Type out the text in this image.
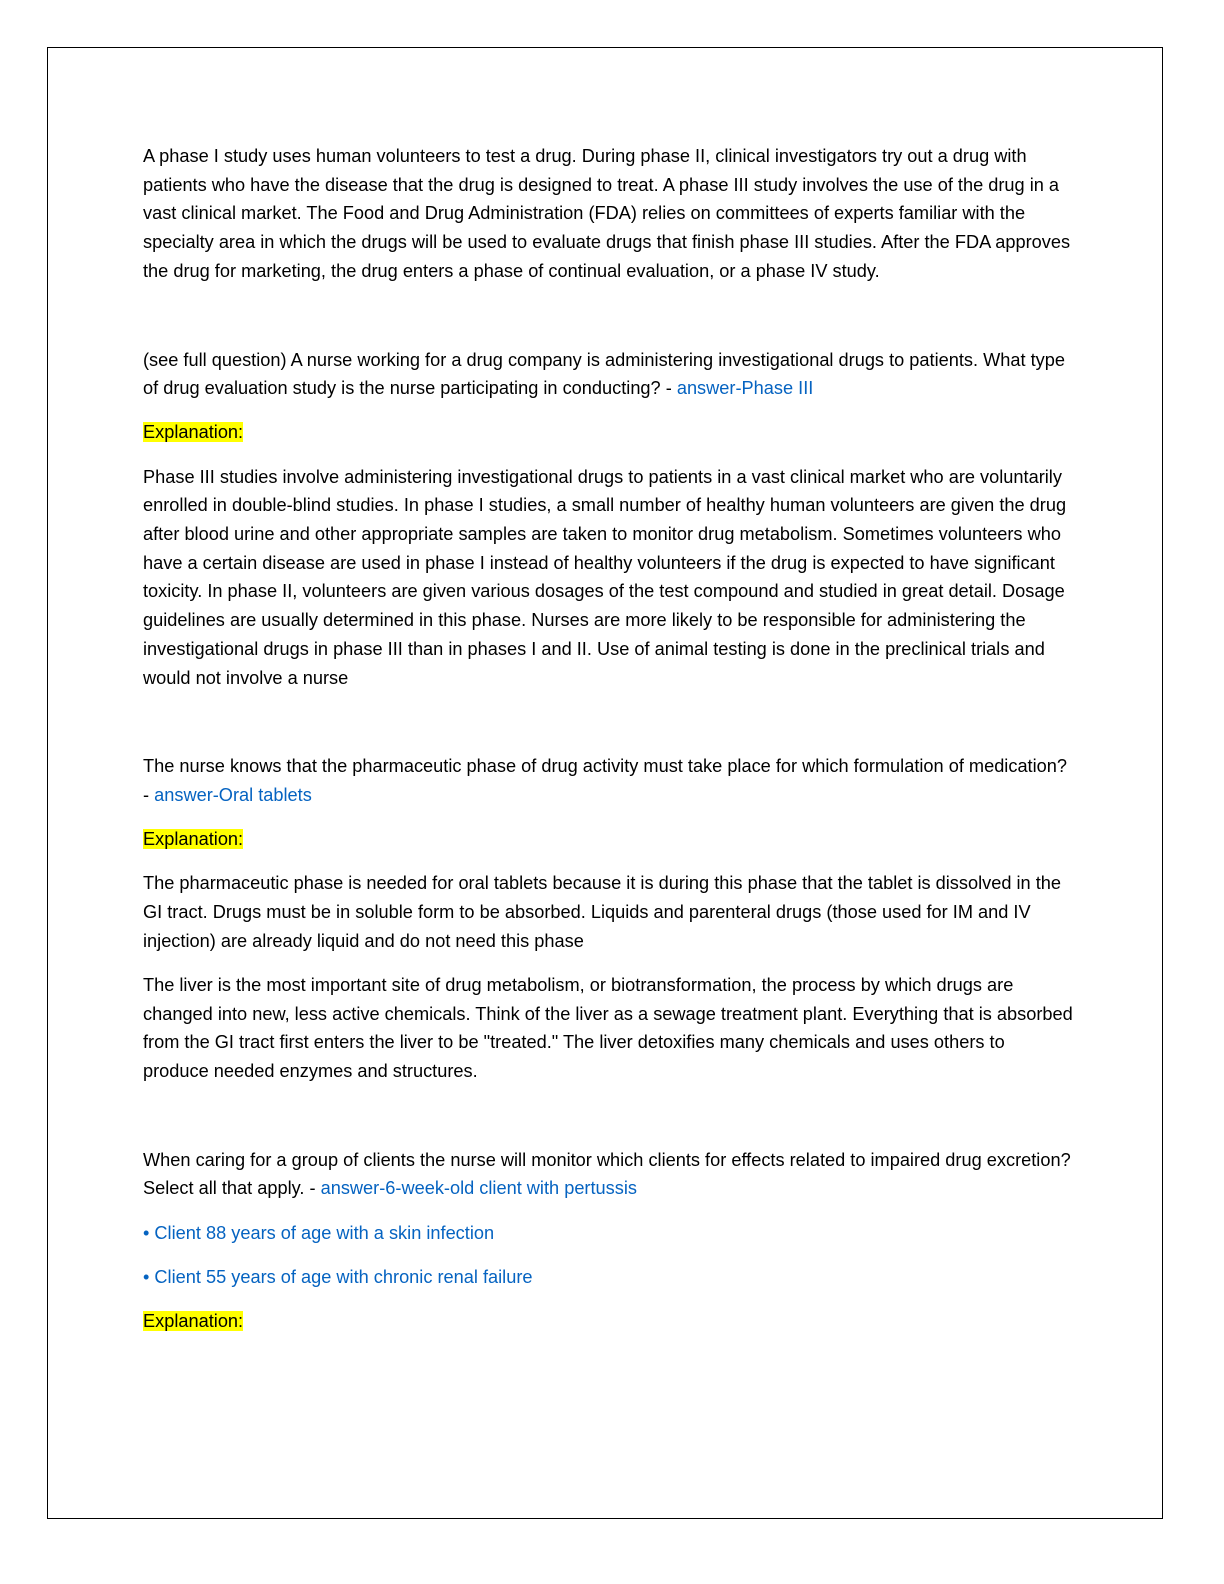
A phase I study uses human volunteers to test a drug. During phase II, clinical investigators try out a drug with patients who have the disease that the drug is designed to treat. A phase III study involves the use of the drug in a vast clinical market. The Food and Drug Administration (FDA) relies on committees of experts familiar with the specialty area in which the drugs will be used to evaluate drugs that finish phase III studies. After the FDA approves the drug for marketing, the drug enters a phase of continual evaluation, or a phase IV study.

(see full question) A nurse working for a drug company is administering investigational drugs to patients. What type of drug evaluation study is the nurse participating in conducting? - answer-Phase III

Explanation:

Phase III studies involve administering investigational drugs to patients in a vast clinical market who are voluntarily enrolled in double-blind studies. In phase I studies, a small number of healthy human volunteers are given the drug after blood urine and other appropriate samples are taken to monitor drug metabolism. Sometimes volunteers who have a certain disease are used in phase I instead of healthy volunteers if the drug is expected to have significant toxicity. In phase II, volunteers are given various dosages of the test compound and studied in great detail. Dosage guidelines are usually determined in this phase. Nurses are more likely to be responsible for administering the investigational drugs in phase III than in phases I and II. Use of animal testing is done in the preclinical trials and would not involve a nurse

The nurse knows that the pharmaceutic phase of drug activity must take place for which formulation of medication? - answer-Oral tablets

Explanation:

The pharmaceutic phase is needed for oral tablets because it is during this phase that the tablet is dissolved in the GI tract. Drugs must be in soluble form to be absorbed. Liquids and parenteral drugs (those used for IM and IV injection) are already liquid and do not need this phase

The liver is the most important site of drug metabolism, or biotransformation, the process by which drugs are changed into new, less active chemicals. Think of the liver as a sewage treatment plant. Everything that is absorbed from the GI tract first enters the liver to be "treated." The liver detoxifies many chemicals and uses others to produce needed enzymes and structures.

When caring for a group of clients the nurse will monitor which clients for effects related to impaired drug excretion? Select all that apply. - answer-6-week-old client with pertussis

• Client 88 years of age with a skin infection

• Client 55 years of age with chronic renal failure

Explanation:
